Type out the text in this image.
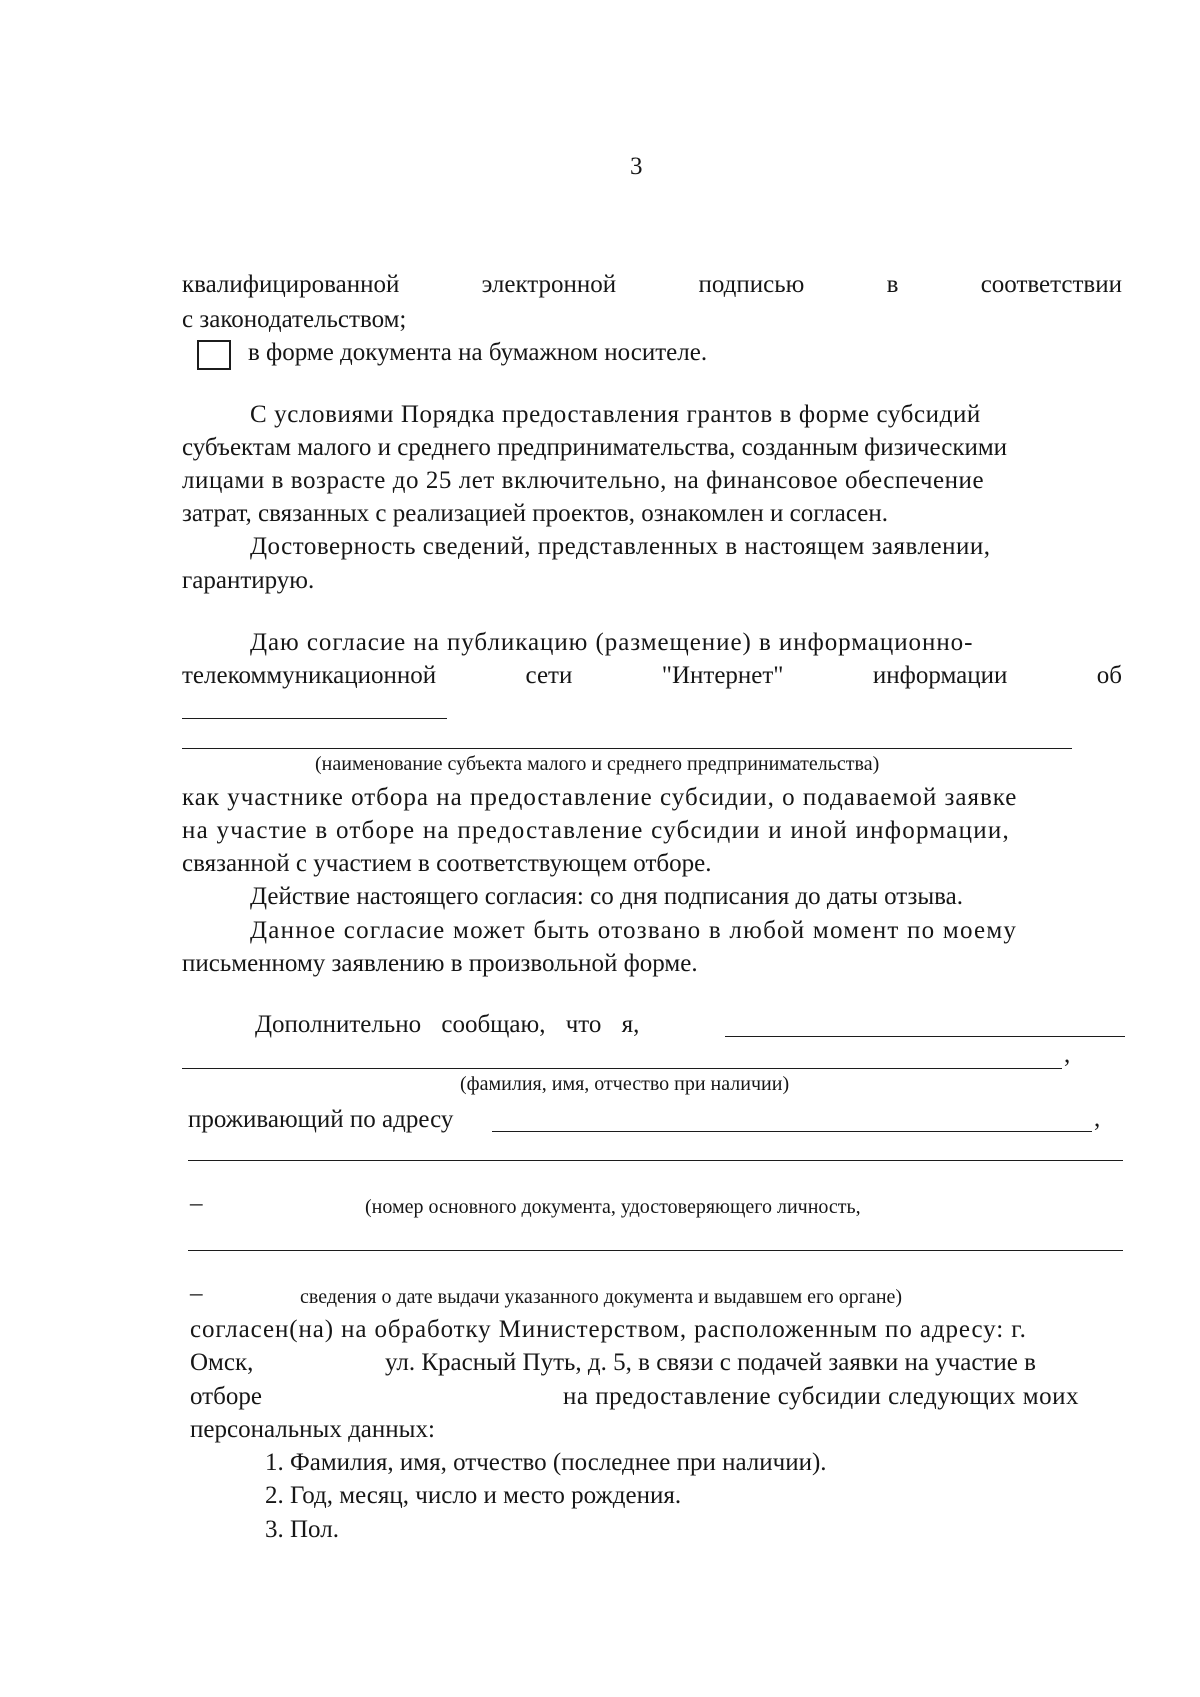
3
квалифицированной	электронной	подписью	в	соответствии
с законодательством;
в форме документа на бумажном носителе.
С условиями Порядка предоставления грантов в форме субсидий
субъектам малого и среднего предпринимательства, созданным физическими
лицами в возрасте до 25 лет включительно, на финансовое обеспечение
затрат, связанных с реализацией проектов, ознакомлен и согласен.
Достоверность сведений, представленных в настоящем заявлении,
гарантирую.
Даю согласие на публикацию (размещение) в информационно-
телекоммуникационной	сети	"Интернет"	информации	об
(наименование субъекта малого и среднего предпринимательства)
как участнике отбора на предоставление субсидии, о подаваемой заявке
на участие в отборе на предоставление субсидии и иной информации,
связанной с участием в соответствующем отборе.
Действие настоящего согласия: со дня подписания до даты отзыва.
Данное согласие может быть отозвано в любой момент по моему
письменному заявлению в произвольной форме.
Дополнительно сообщаю, что я,
,
(фамилия, имя, отчество при наличии)
проживающий по адресу	,
_	(номер основного документа, удостоверяющего личность,
_	сведения о дате выдачи указанного документа и выдавшем его органе)
согласен(на) на обработку Министерством, расположенным по адресу: г.
Омск,	ул. Красный Путь, д. 5, в связи с подачей заявки на участие в
отборе	на предоставление субсидии следующих моих
персональных данных:
1. Фамилия, имя, отчество (последнее при наличии).
2. Год, месяц, число и место рождения.
3. Пол.
